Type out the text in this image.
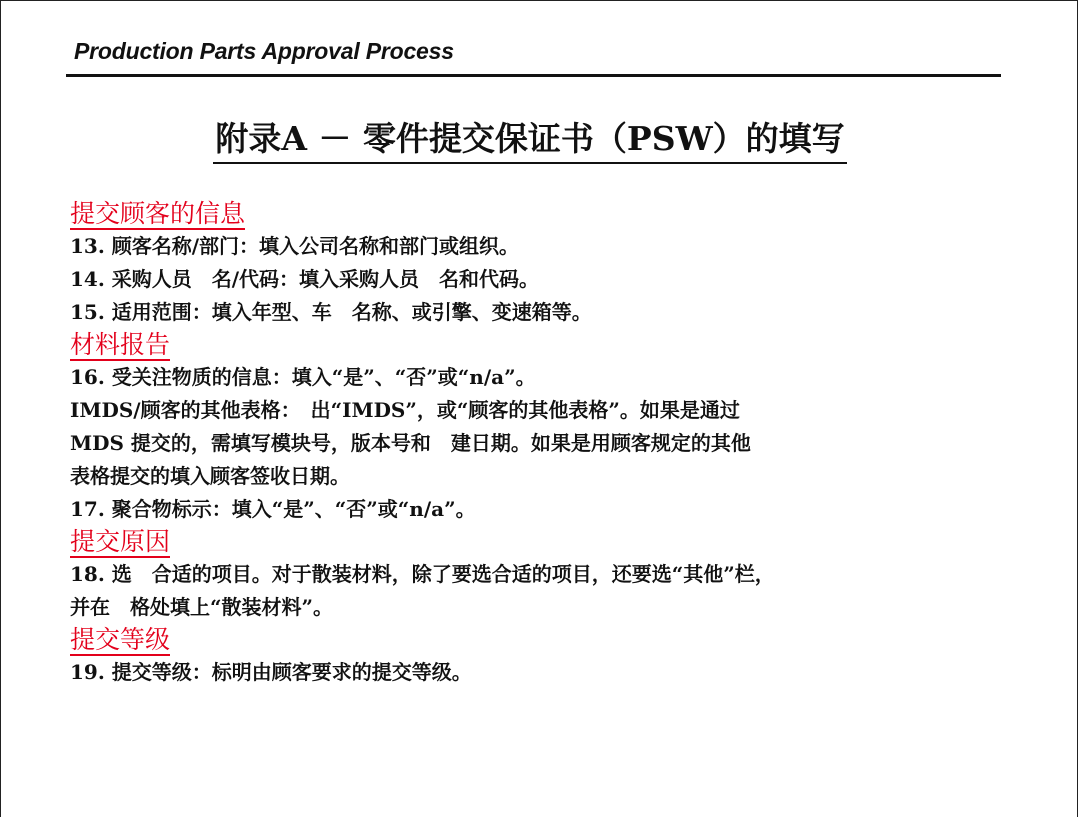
Production Parts Approval Process
附录A － 零件提交保证书（PSW）的填写
提交顾客的信息
13. 顾客名称/部门：填入公司名称和部门或组织。
14. 采购人员　名/代码：填入采购人员　名和代码。
15. 适用范围：填入年型、车　名称、或引擎、变速箱等。
材料报告
16. 受关注物质的信息：填入“是”、“否”或“n/a”。
IMDS/顾客的其他表格：　出“IMDS”，或“顾客的其他表格”。如果是通过
MDS 提交的，需填写模块号，版本号和　建日期。如果是用顾客规定的其他
表格提交的填入顾客签收日期。
17. 聚合物标示：填入“是”、“否”或“n/a”。
提交原因
18. 选　合适的项目。对于散装材料，除了要选合适的项目，还要选“其他”栏，
并在　格处填上“散装材料”。
提交等级
19. 提交等级：标明由顾客要求的提交等级。
